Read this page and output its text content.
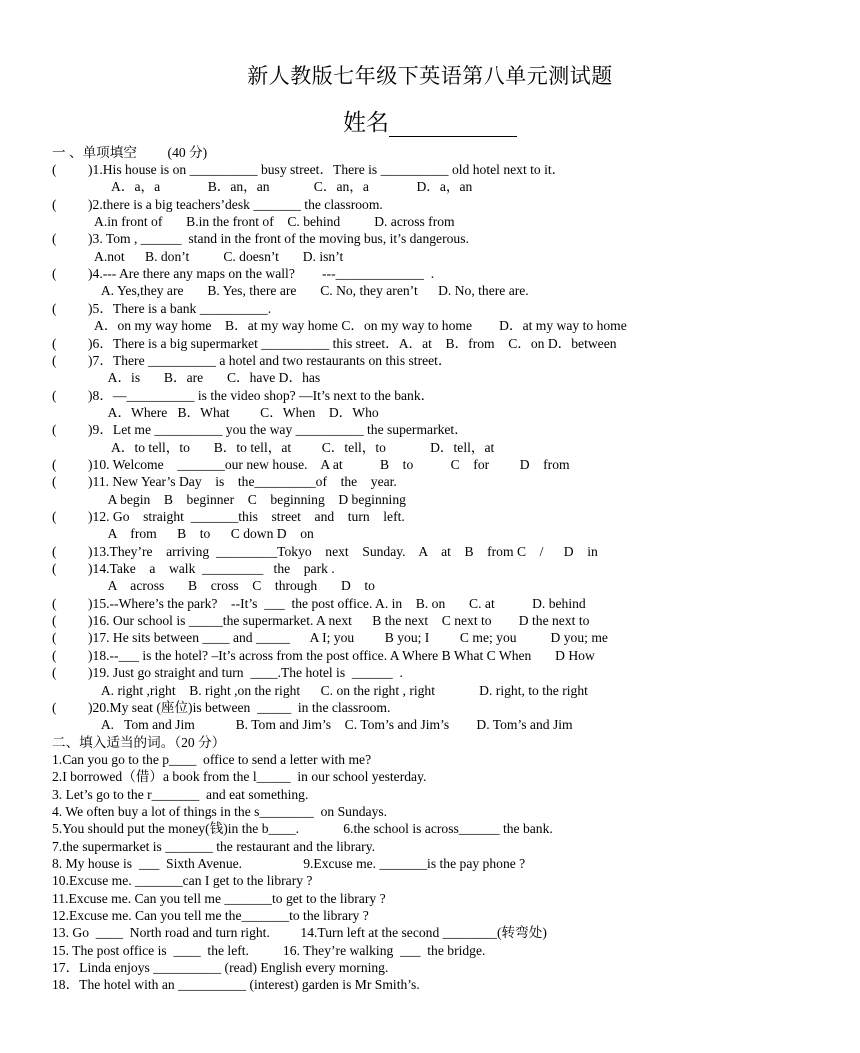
新人教版七年级下英语第八单元测试题
姓名

一 、单项填空         (40 分)

( )1.His house is on __________ busy street．There is __________ old hotel next to it．
A．a，a              B．an，an             C．an，a              D．a，an
( )2.there is a big teachers’desk _______ the classroom.
A.in front of       B.in the front of    C. behind          D. across from
( )3. Tom , ______  stand in the front of the moving bus, it’s dangerous.
A.not      B. don’t          C. doesn’t       D. isn’t
( )4.--- Are there any maps on the wall?        ---_____________  .
A. Yes,they are       B. Yes, there are       C. No, they aren’t      D. No, there are.
( )5．There is a bank __________.
A．on my way home    B．at my way home C．on my way to home        D．at my way to home
( )6．There is a big supermarket __________ this street．A．at    B．from    C．on D．between
( )7．There __________ a hotel and two restaurants on this street．
A．is       B．are       C．have D．has
( )8．—__________ is the video shop? —It’s next to the bank．
A．Where   B．What         C．When    D．Who
( )9．Let me __________ you the way __________ the supermarket．
A．to tell，to       B．to tell，at         C．tell，to             D．tell，at
( )10. Welcome    _______our new house.    A at           B    to           C    for         D    from
( )11. New Year’s Day    is    the_________of    the    year.
A begin    B    beginner    C    beginning    D beginning
( )12. Go    straight  _______this    street    and    turn    left.
A    from      B    to      C down D    on
( )13.They’re    arriving  _________Tokyo    next    Sunday.    A    at    B    from C    /      D    in
( )14.Take    a    walk  _________   the    park .
A    across       B    cross    C    through       D    to
( )15.--Where’s the park?    --It’s  ___  the post office. A. in    B. on       C. at           D. behind
( )16. Our school is _____the supermarket. A next      B the next    C next to        D the next to
( )17. He sits between ____ and _____      A I; you         B you; I         C me; you          D you; me
( )18.--___ is the hotel? –It’s across from the post office. A Where B What C When       D How
( )19. Just go straight and turn  ____.The hotel is  ______  .
A. right ,right    B. right ,on the right      C. on the right , right             D. right, to the right
( )20.My seat (座位)is between  _____  in the classroom.
A.   Tom and Jim            B. Tom and Jim’s    C. Tom’s and Jim’s        D. Tom’s and Jim
二、填入适当的词。（20 分）
1.Can you go to the p____  office to send a letter with me?
2.I borrowed（借）a book from the l_____  in our school yesterday.
3. Let’s go to the r_______  and eat something.
4. We often buy a lot of things in the s________  on Sundays.
5.You should put the money(钱)in the b____.             6.the school is across______ the bank.
7.the supermarket is _______ the restaurant and the library.
8. My house is  ___  Sixth Avenue.                  9.Excuse me. _______is the pay phone ?
10.Excuse me. _______can I get to the library ?
11.Excuse me. Can you tell me _______to get to the library ?
12.Excuse me. Can you tell me the_______to the library ?
13. Go  ____  North road and turn right.         14.Turn left at the second ________(转弯处)
15. The post office is  ____  the left.          16. They’re walking  ___  the bridge.
17．Linda enjoys __________ (read) English every morning.
18．The hotel with an __________ (interest) garden is Mr Smith’s.
